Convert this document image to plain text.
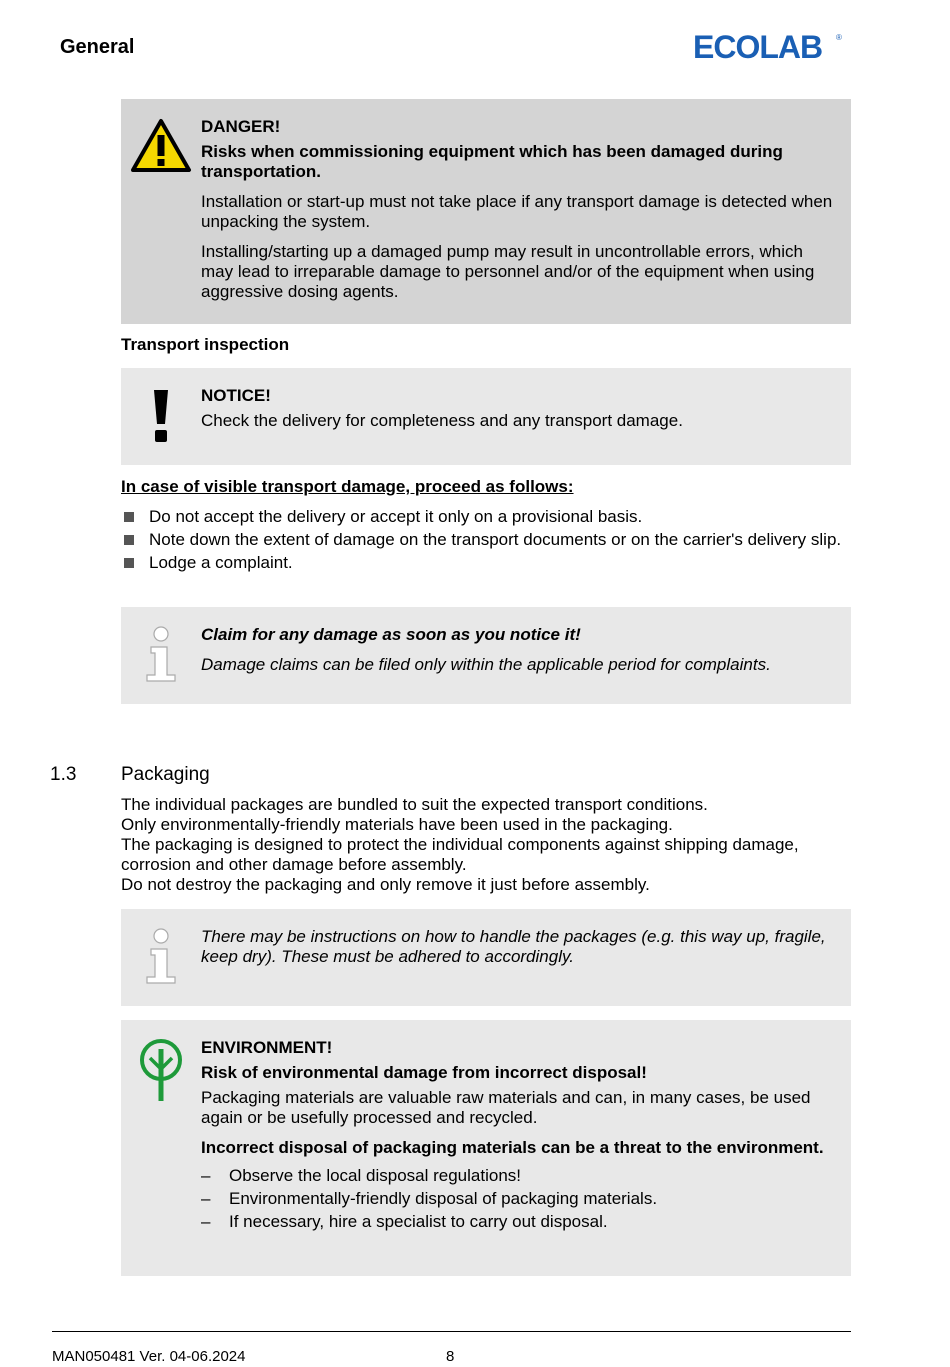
General	ECOLAB ®

DANGER!

Risks when commissioning equipment which has been damaged during transportation.

Installation or start-up must not take place if any transport damage is detected when unpacking the system.

Installing/starting up a damaged pump may result in uncontrollable errors, which may lead to irreparable damage to personnel and/or of the equipment when using aggressive dosing agents.

Transport inspection

NOTICE!

Check the delivery for completeness and any transport damage.

In case of visible transport damage, proceed as follows:
Do not accept the delivery or accept it only on a provisional basis.
Note down the extent of damage on the transport documents or on the carrier's delivery slip.
Lodge a complaint.

Claim for any damage as soon as you notice it!

Damage claims can be filed only within the applicable period for complaints.

1.3 Packaging

The individual packages are bundled to suit the expected transport conditions.

Only environmentally-friendly materials have been used in the packaging.

The packaging is designed to protect the individual components against shipping damage, corrosion and other damage before assembly.

Do not destroy the packaging and only remove it just before assembly.

There may be instructions on how to handle the packages (e.g. this way up, fragile, keep dry). These must be adhered to accordingly.

ENVIRONMENT!

Risk of environmental damage from incorrect disposal!

Packaging materials are valuable raw materials and can, in many cases, be used again or be usefully processed and recycled.

Incorrect disposal of packaging materials can be a threat to the environment.

– Observe the local disposal regulations!
– Environmentally-friendly disposal of packaging materials.
– If necessary, hire a specialist to carry out disposal.
MAN050481 Ver. 04-06.2024	8
